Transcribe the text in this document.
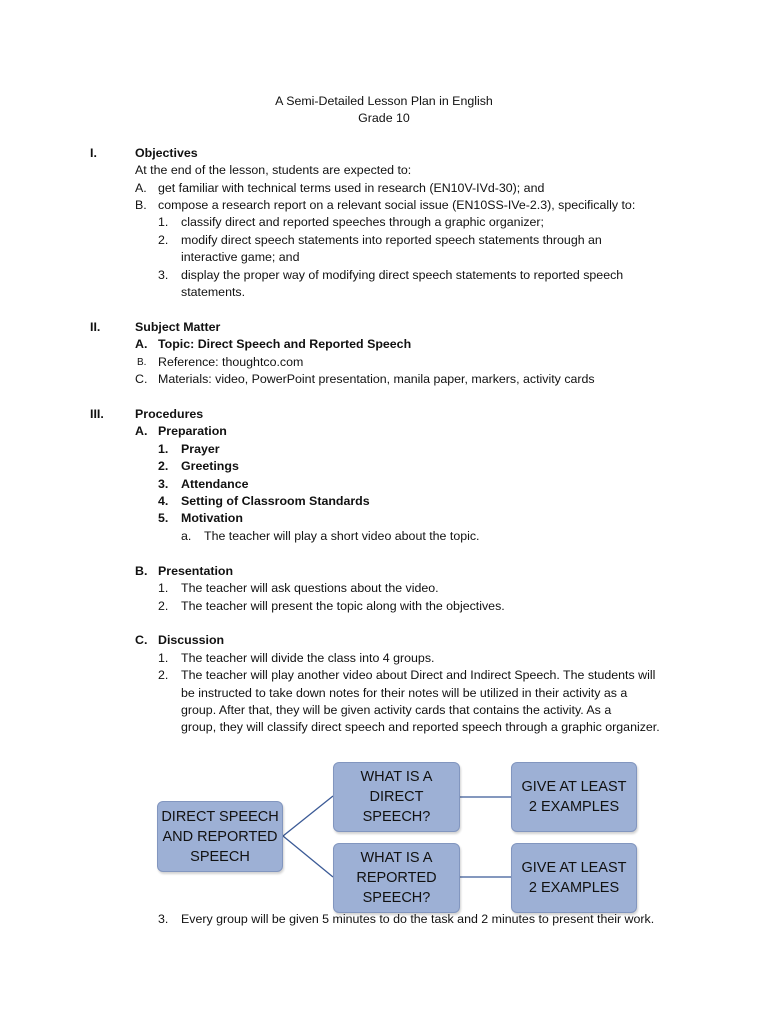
A Semi-Detailed Lesson Plan in English
Grade 10
I.	Objectives
At the end of the lesson, students are expected to:
A. get familiar with technical terms used in research (EN10V-IVd-30); and
B. compose a research report on a relevant social issue (EN10SS-IVe-2.3), specifically to:
1. classify direct and reported speeches through a graphic organizer;
2. modify direct speech statements into reported speech statements through an
interactive game; and
3. display the proper way of modifying direct speech statements to reported speech
statements.
II.	Subject Matter
A. Topic: Direct Speech and Reported Speech
B. Reference: thoughtco.com
C. Materials: video, PowerPoint presentation, manila paper, markers, activity cards
III.	Procedures
A. Preparation
1. Prayer
2. Greetings
3. Attendance
4. Setting of Classroom Standards
5. Motivation
a. The teacher will play a short video about the topic.
B. Presentation
1. The teacher will ask questions about the video.
2. The teacher will present the topic along with the objectives.
C. Discussion
1. The teacher will divide the class into 4 groups.
2. The teacher will play another video about Direct and Indirect Speech. The students will
be instructed to take down notes for their notes will be utilized in their activity as a
group. After that, they will be given activity cards that contains the activity. As a
group, they will classify direct speech and reported speech through a graphic organizer.
DIRECT SPEECH AND REPORTED SPEECH
WHAT IS A DIRECT SPEECH?
WHAT IS A REPORTED SPEECH?
GIVE AT LEAST 2 EXAMPLES
GIVE AT LEAST 2 EXAMPLES
3. Every group will be given 5 minutes to do the task and 2 minutes to present their work.
